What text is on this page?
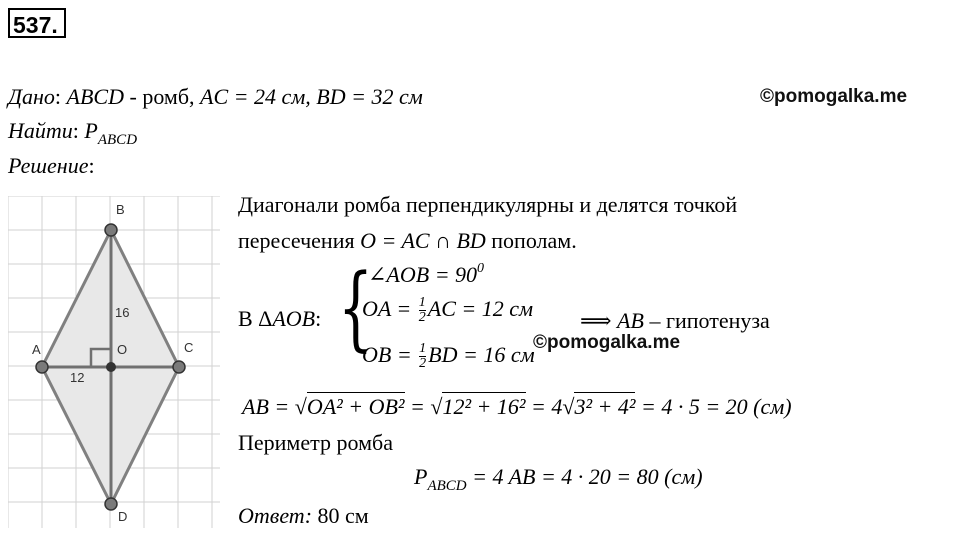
537.
©pomogalka.me
Дано: ABCD - ромб, AC = 24 см, BD = 32 см
Найти: $P_{ABCD}$
Решение:
B
A	C
D
O
16
12
Диагонали ромба перпендикулярны и делятся точкой
пересечения O = AC ∩ BD пополам.
В ΔAOB: {
∠AOB = $90^0$
OA = $\frac{1}{2}$ AC = 12 см
OB = $\frac{1}{2}$ BD = 16 см
⟹ AB – гипотенуза
©pomogalka.me
AB = √OA² + OB² = √12² + 16² = 4√3² + 4² = 4 · 5 = 20 (см)
Периметр ромба
$P_{ABCD} = 4$ AB = 4 · 20 = 80 (см)
Ответ: 80 см
